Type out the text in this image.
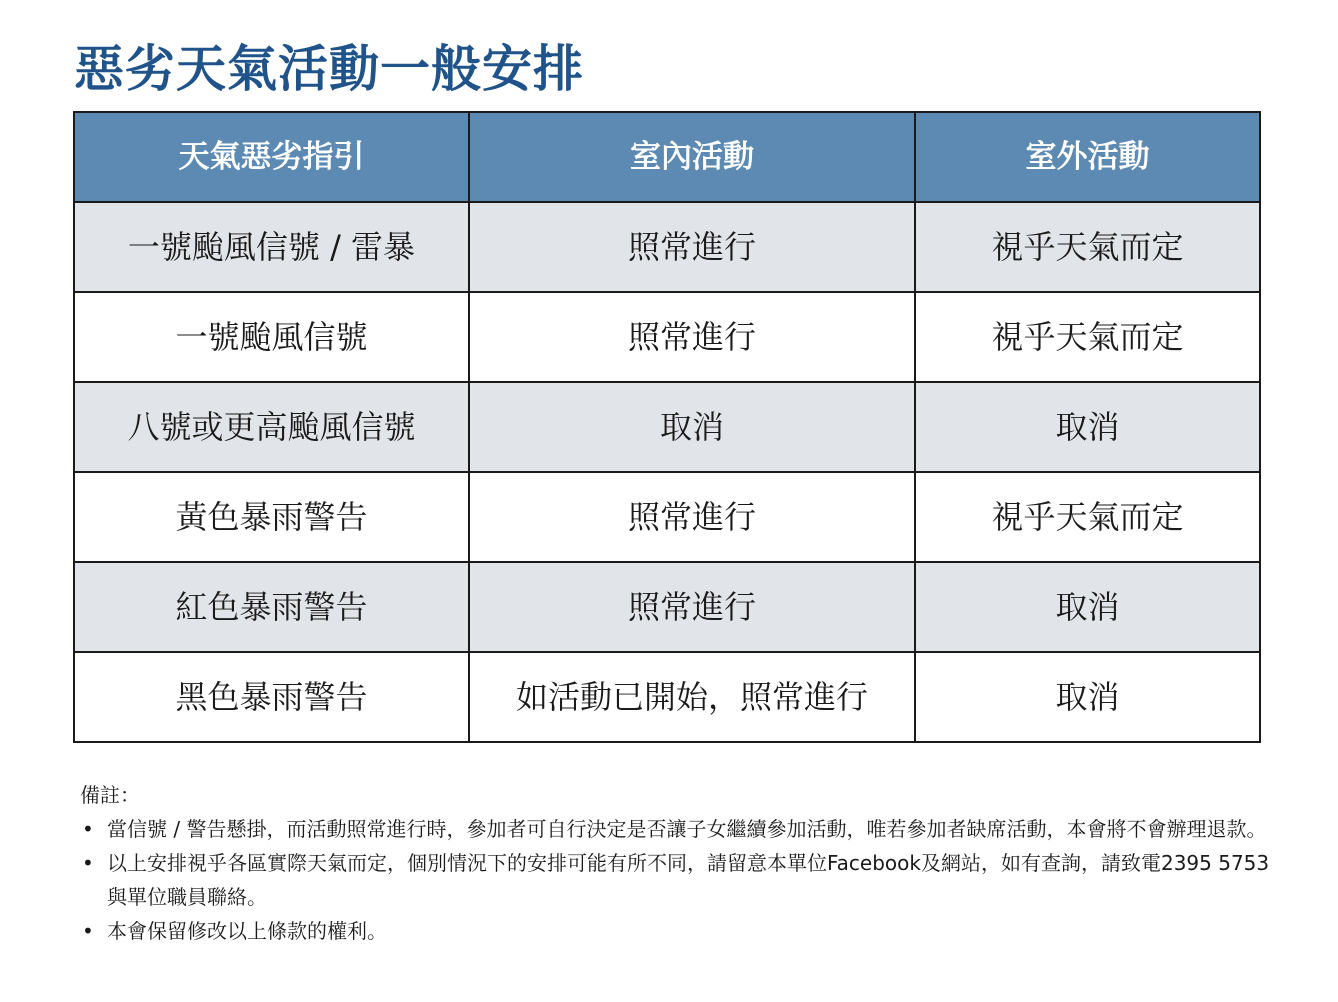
惡劣天氣活動一般安排
天氣惡劣指引	室內活動	室外活動
一號颱風信號 / 雷暴	照常進行	視乎天氣而定
一號颱風信號	照常進行	視乎天氣而定
八號或更高颱風信號	取消	取消
黃色暴雨警告	照常進行	視乎天氣而定
紅色暴雨警告	照常進行	取消
黑色暴雨警告	如活動已開始，照常進行	取消

備註：

• 當信號 / 警告懸掛，而活動照常進行時，參加者可自行決定是否讓子女繼續參加活動，唯若參加者缺席活動，本會將不會辦理退款。
• 以上安排視乎各區實際天氣而定，個別情況下的安排可能有所不同，請留意本單位Facebook及網站，如有查詢，請致電2395 5753與單位職員聯絡。
• 本會保留修改以上條款的權利。
